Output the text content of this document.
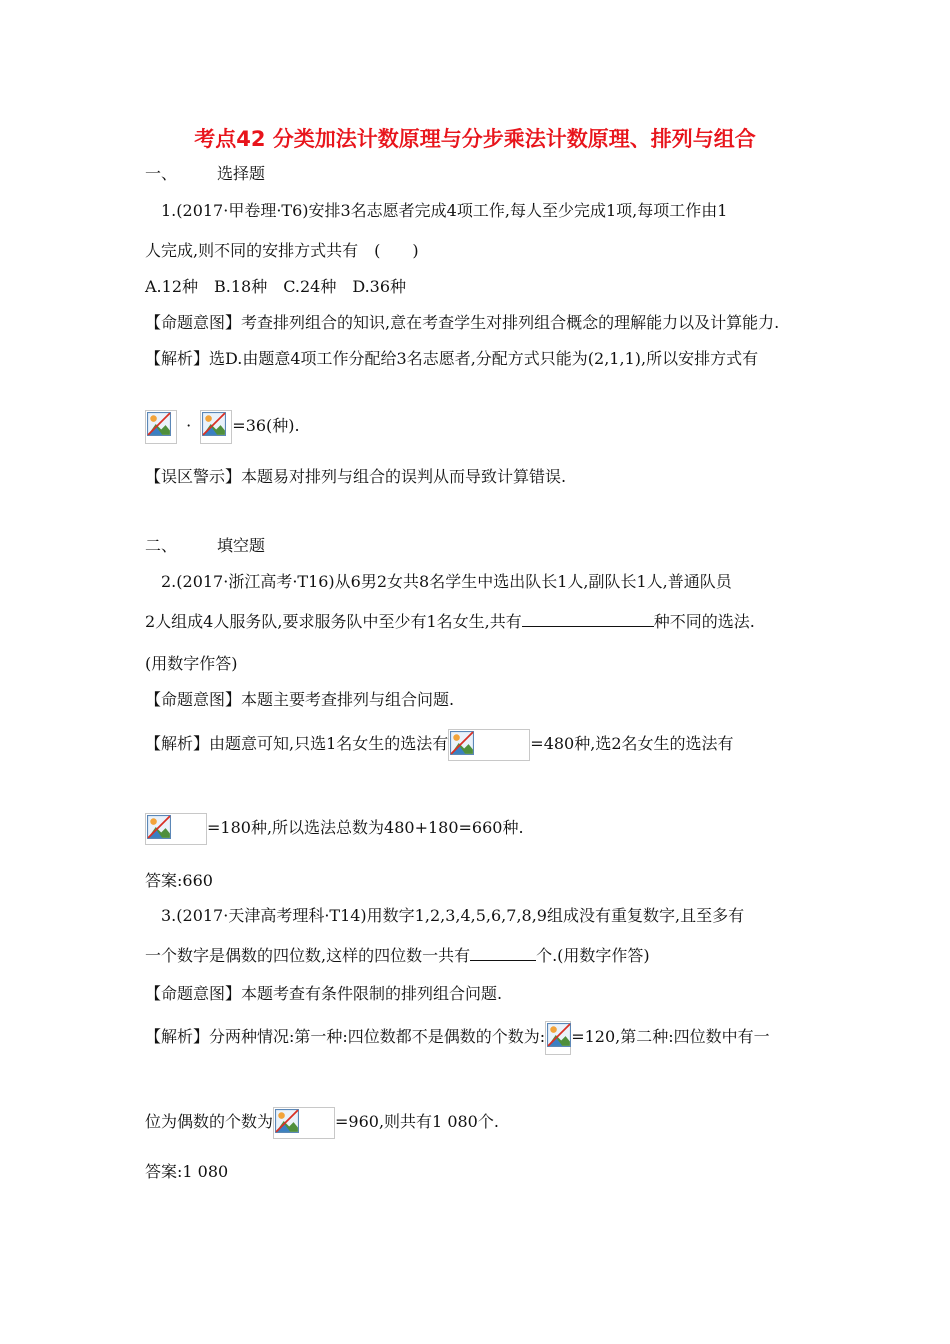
考点42 分类加法计数原理与分步乘法计数原理、排列与组合
一、	选择题
1.(2017·甲卷理·T6)安排3名志愿者完成4项工作,每人至少完成1项,每项工作由1
人完成,则不同的安排方式共有　(　　)
A.12种　B.18种　C.24种　D.36种
【命题意图】考查排列组合的知识,意在考查学生对排列组合概念的理解能力以及计算能力.
【解析】选D.由题意4项工作分配给3名志愿者,分配方式只能为(2,1,1),所以安排方式有
·	=36(种).
【误区警示】本题易对排列与组合的误判从而导致计算错误.
二、	填空题
2.(2017·浙江高考·T16)从6男2女共8名学生中选出队长1人,副队长1人,普通队员
2人组成4人服务队,要求服务队中至少有1名女生,共有	种不同的选法.
(用数字作答)
【命题意图】本题主要考查排列与组合问题.
【解析】由题意可知,只选1名女生的选法有	=480种,选2名女生的选法有
=180种,所以选法总数为480+180=660种.
答案:660
3.(2017·天津高考理科·T14)用数字1,2,3,4,5,6,7,8,9组成没有重复数字,且至多有
一个数字是偶数的四位数,这样的四位数一共有	个.(用数字作答)
【命题意图】本题考查有条件限制的排列组合问题.
【解析】分两种情况:第一种:四位数都不是偶数的个数为: =120,第二种:四位数中有一
位为偶数的个数为	=960,则共有1 080个.
答案:1 080
